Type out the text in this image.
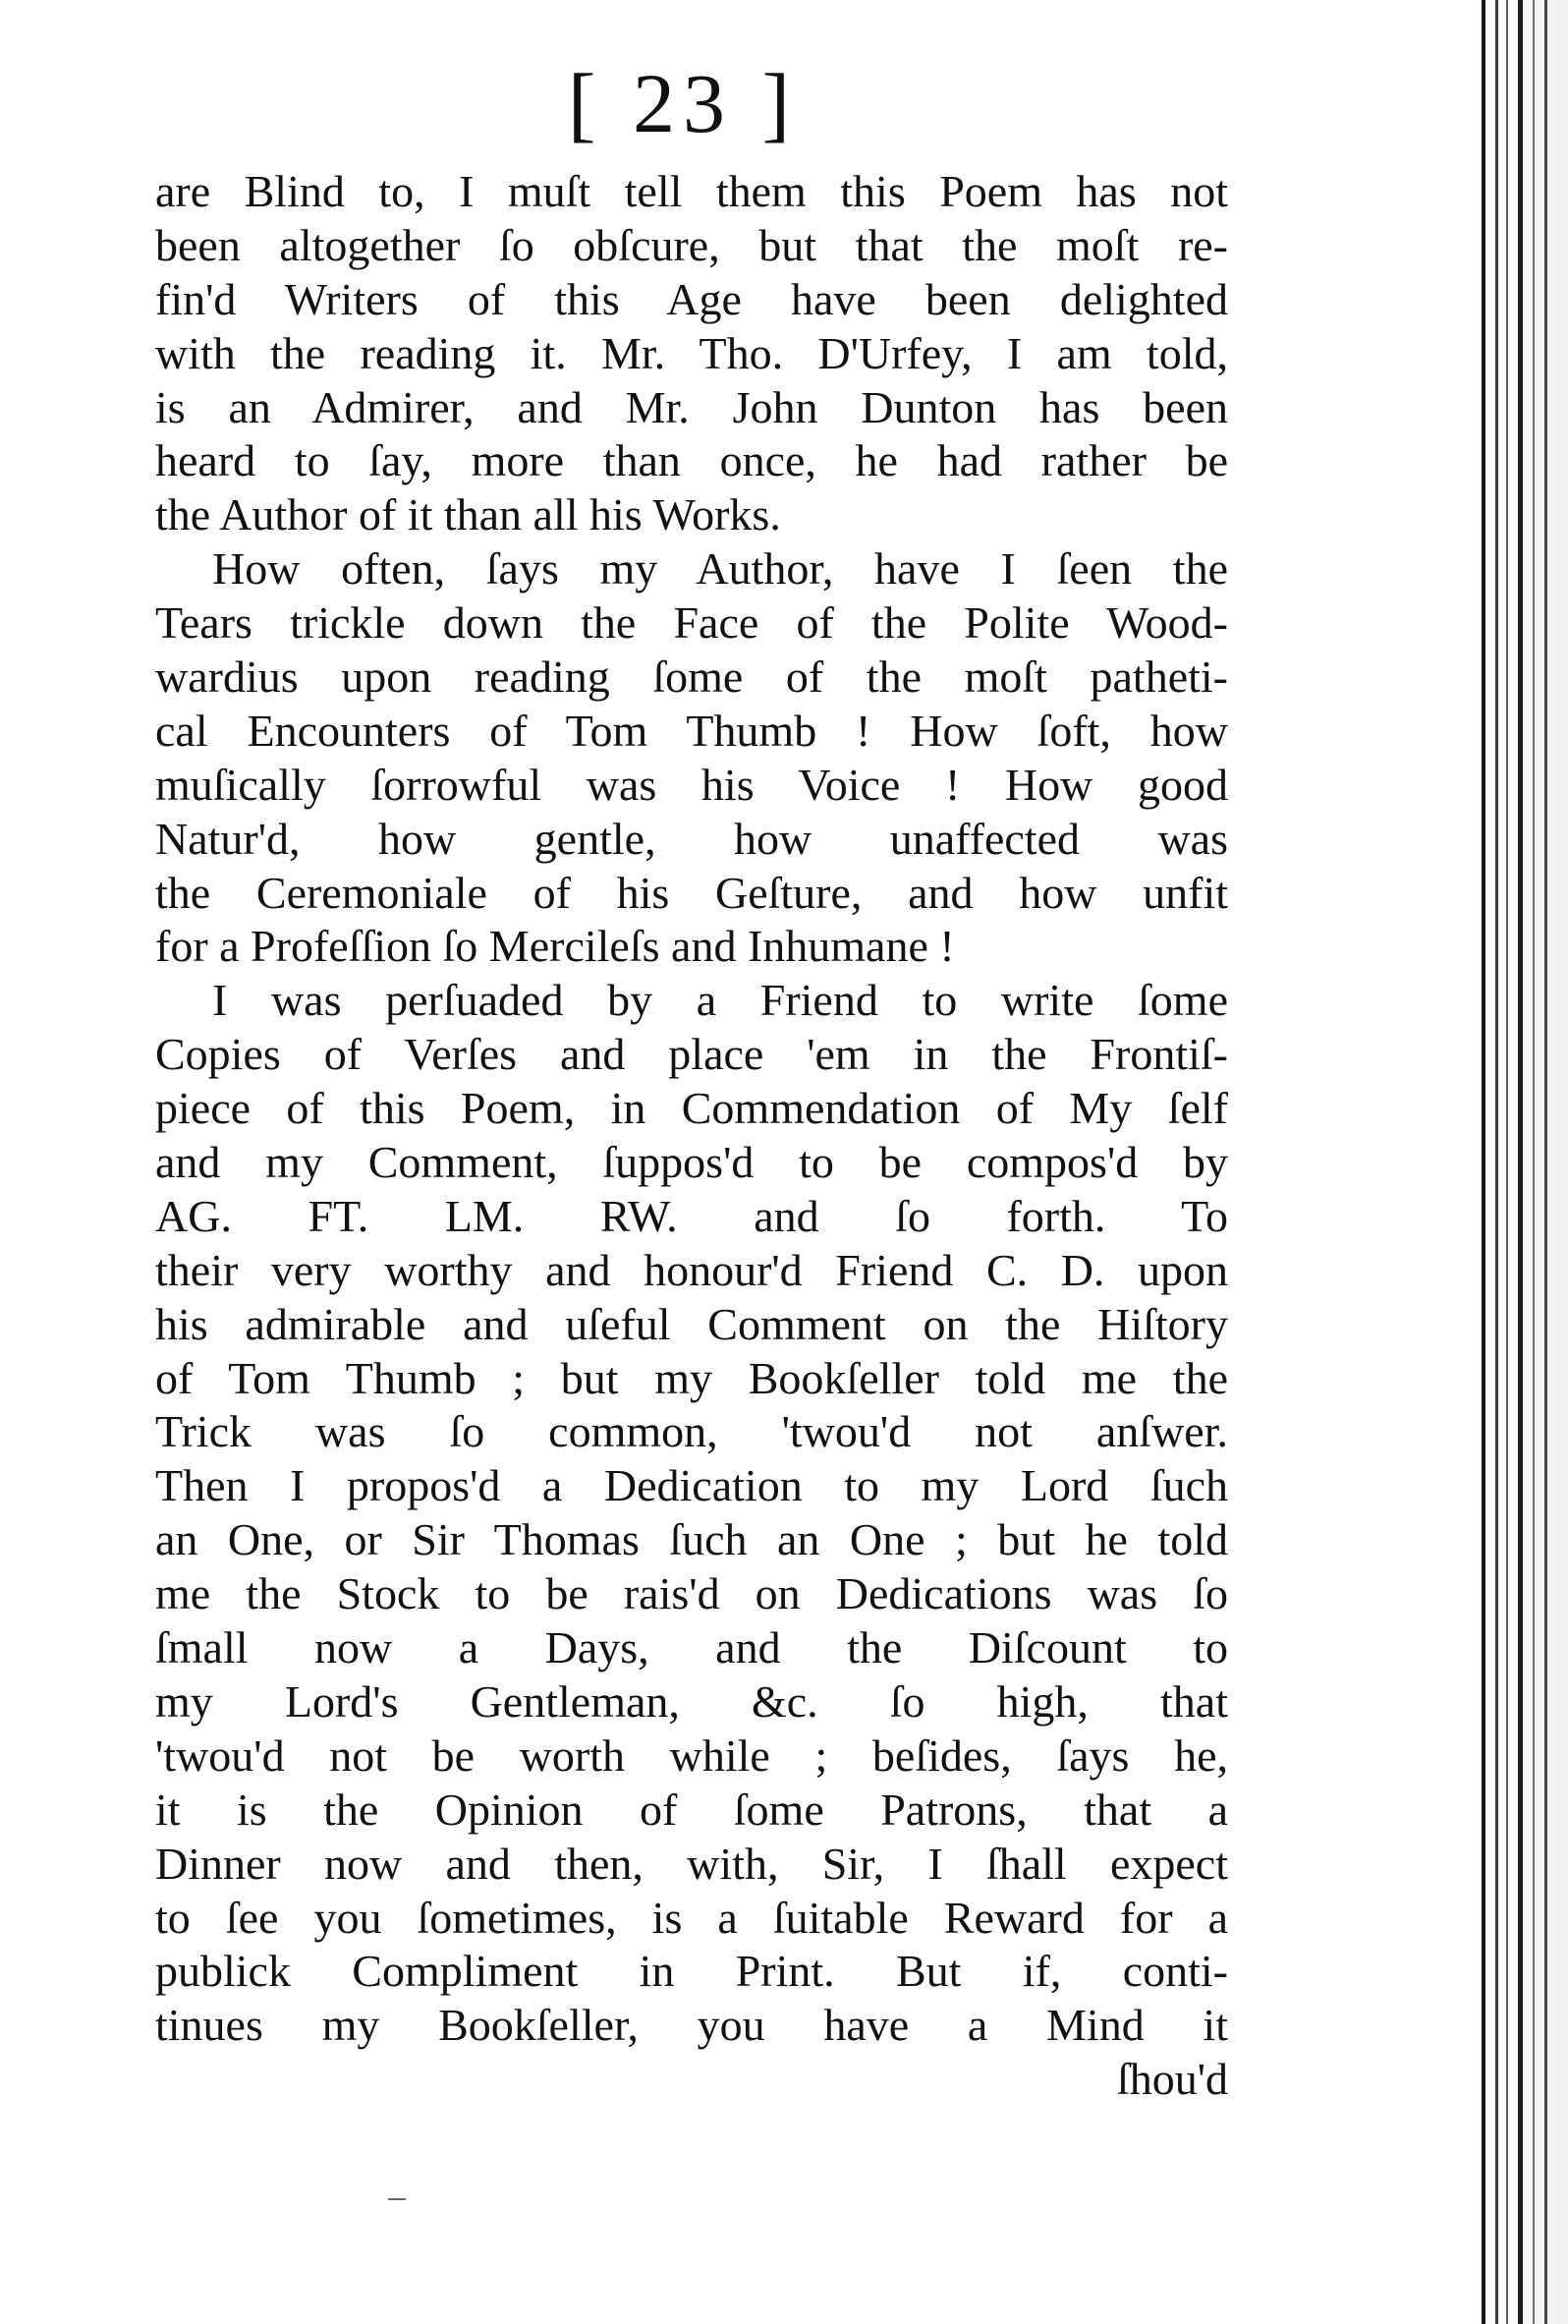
[ 23 ]
are Blind to, I muſt tell them this Poem has not
been altogether ſo obſcure, but that the moſt re-
fin'd Writers of this Age have been delighted
with the reading it. Mr. Tho. D'Urfey, I am told,
is an Admirer, and Mr. John Dunton has been
heard to ſay, more than once, he had rather be
the Author of it than all his Works.
How often, ſays my Author, have I ſeen the
Tears trickle down the Face of the Polite Wood-
wardius upon reading ſome of the moſt patheti-
cal Encounters of Tom Thumb ! How ſoft, how
muſically ſorrowful was his Voice ! How good
Natur'd, how gentle, how unaffected was
the Ceremoniale of his Geſture, and how unfit
for a Profeſſion ſo Mercileſs and Inhumane !
I was perſuaded by a Friend to write ſome
Copies of Verſes and place 'em in the Frontiſ-
piece of this Poem, in Commendation of My ſelf
and my Comment, ſuppos'd to be compos'd by
AG. FT. LM. RW. and ſo forth. To
their very worthy and honour'd Friend C. D. upon
his admirable and uſeful Comment on the Hiſtory
of Tom Thumb ; but my Bookſeller told me the
Trick was ſo common, 'twou'd not anſwer.
Then I propos'd a Dedication to my Lord ſuch
an One, or Sir Thomas ſuch an One ; but he told
me the Stock to be rais'd on Dedications was ſo
ſmall now a Days, and the Diſcount to
my Lord's Gentleman, &c. ſo high, that
'twou'd not be worth while ; beſides, ſays he,
it is the Opinion of ſome Patrons, that a
Dinner now and then, with, Sir, I ſhall expect
to ſee you ſometimes, is a ſuitable Reward for a
publick Compliment in Print. But if, conti-
tinues my Bookſeller, you have a Mind it
ſhou'd
